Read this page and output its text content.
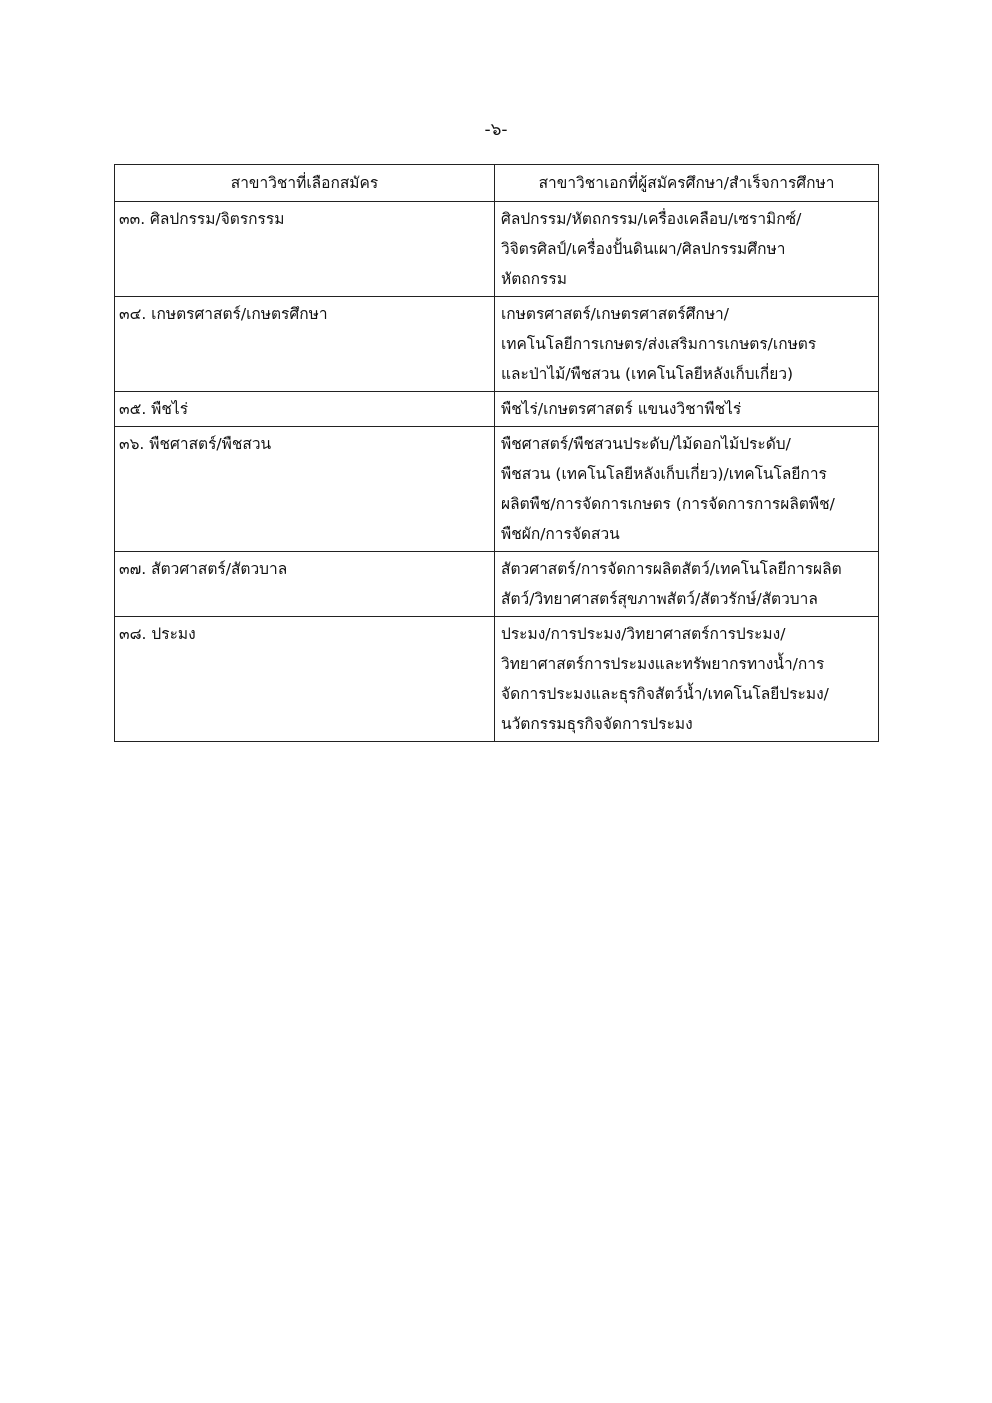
-๖-
สาขาวิชาที่เลือกสมัคร	สาขาวิชาเอกที่ผู้สมัครศึกษา/สำเร็จการศึกษา
๓๓. ศิลปกรรม/จิตรกรรม	ศิลปกรรม/หัตถกรรม/เครื่องเคลือบ/เซรามิกซ์/
วิจิตรศิลป์/เครื่องปั้นดินเผา/ศิลปกรรมศึกษา
หัตถกรรม

๓๔. เกษตรศาสตร์/เกษตรศึกษา	เกษตรศาสตร์/เกษตรศาสตร์ศึกษา/
เทคโนโลยีการเกษตร/ส่งเสริมการเกษตร/เกษตร
และป่าไม้/พืชสวน (เทคโนโลยีหลังเก็บเกี่ยว)

๓๕. พืชไร่	พืชไร่/เกษตรศาสตร์ แขนงวิชาพืชไร่

๓๖. พืชศาสตร์/พืชสวน	พืชศาสตร์/พืชสวนประดับ/ไม้ดอกไม้ประดับ/
พืชสวน (เทคโนโลยีหลังเก็บเกี่ยว)/เทคโนโลยีการ
ผลิตพืช/การจัดการเกษตร (การจัดการการผลิตพืช/
พืชผัก/การจัดสวน

๓๗. สัตวศาสตร์/สัตวบาล	สัตวศาสตร์/การจัดการผลิตสัตว์/เทคโนโลยีการผลิต
สัตว์/วิทยาศาสตร์สุขภาพสัตว์/สัตวรักษ์/สัตวบาล

๓๘. ประมง	ประมง/การประมง/วิทยาศาสตร์การประมง/
วิทยาศาสตร์การประมงและทรัพยากรทางน้ำ/การ
จัดการประมงและธุรกิจสัตว์น้ำ/เทคโนโลยีประมง/
นวัตกรรมธุรกิจจัดการประมง
